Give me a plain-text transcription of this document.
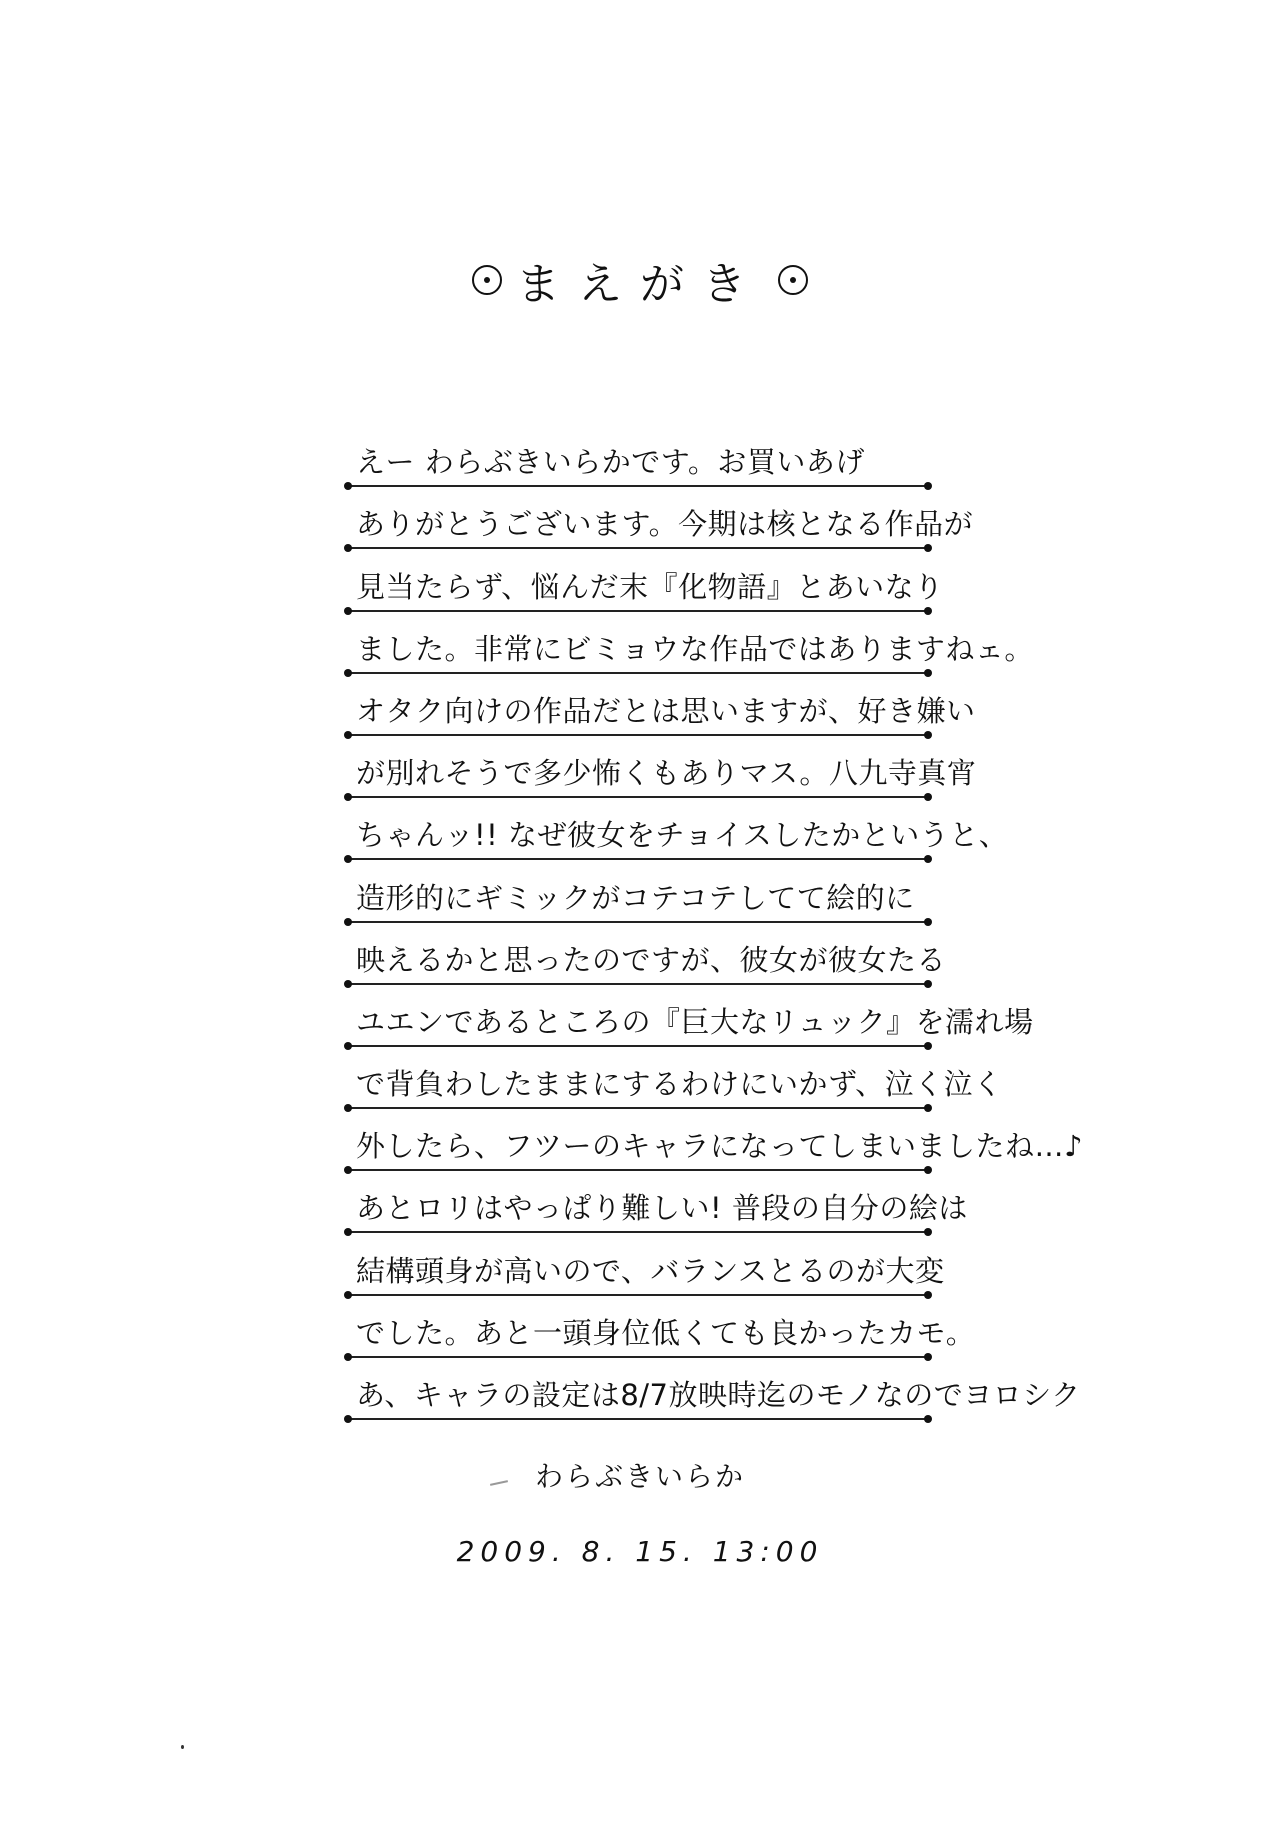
まえがき
えー わらぶきいらかです。お買いあげ
ありがとうございます。今期は核となる作品が
見当たらず、悩んだ末『化物語』とあいなり
ました。非常にビミョウな作品ではありますねェ。
オタク向けの作品だとは思いますが、好き嫌い
が別れそうで多少怖くもありマス。八九寺真宵
ちゃんッ!! なぜ彼女をチョイスしたかというと、
造形的にギミックがコテコテしてて絵的に
映えるかと思ったのですが、彼女が彼女たる
ユエンであるところの『巨大なリュック』を濡れ場
で背負わしたままにするわけにいかず、泣く泣く
外したら、フツーのキャラになってしまいましたね…♪
あとロリはやっぱり難しい! 普段の自分の絵は
結構頭身が高いので、バランスとるのが大変
でした。あと一頭身位低くても良かったカモ。
あ、キャラの設定は8/7放映時迄のモノなのでヨロシク
わらぶきいらか
2009. 8. 15. 13:00
